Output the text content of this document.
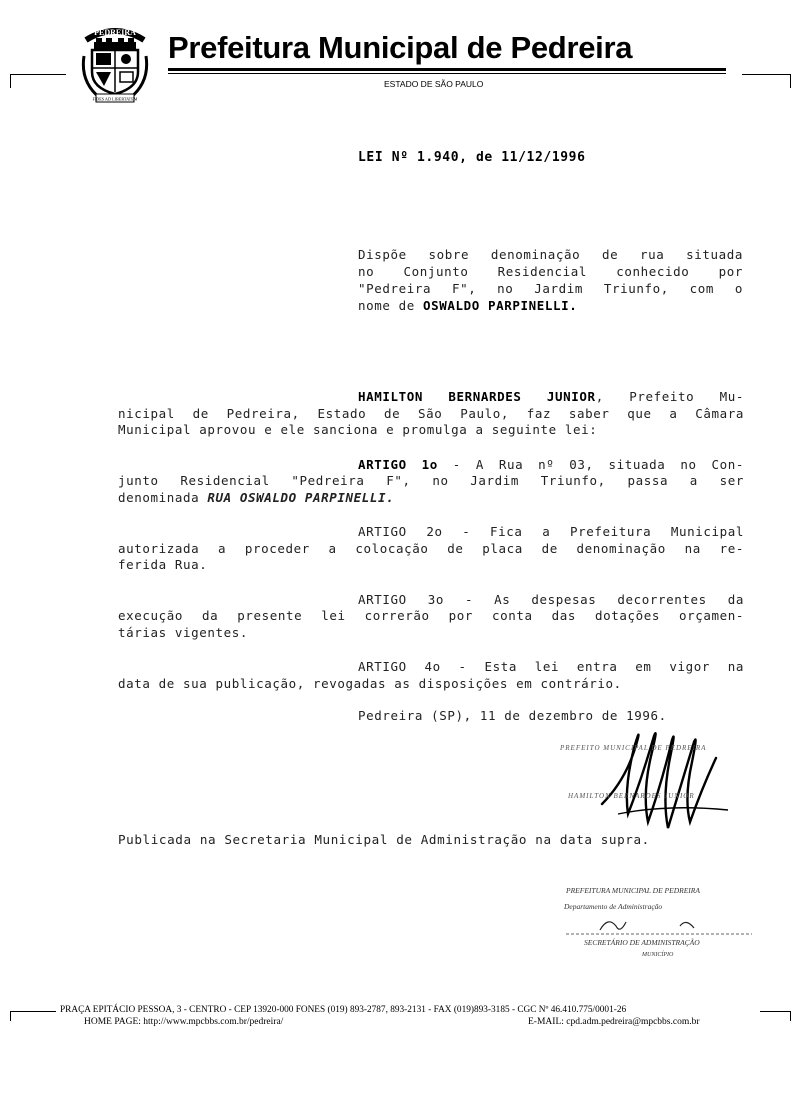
PEDREIRA
FIDES AD LIBERTATEM
Prefeitura Municipal de Pedreira
ESTADO DE SÃO PAULO
LEI Nº 1.940, de 11/12/1996
Dispõe sobre denominação de rua situada
no Conjunto Residencial conhecido por
"Pedreira F", no Jardim Triunfo, com o
nome de OSWALDO PARPINELLI.
HAMILTON BERNARDES JUNIOR, Prefeito Mu-
nicipal de Pedreira, Estado de São Paulo, faz saber que a Câmara
Municipal aprovou e ele sanciona e promulga a seguinte lei:
ARTIGO 1o - A Rua nº 03, situada no Con-
junto Residencial "Pedreira F", no Jardim Triunfo, passa a ser
denominada RUA OSWALDO PARPINELLI.
ARTIGO 2o - Fica a Prefeitura Municipal
autorizada a proceder a colocação de placa de denominação na re-
ferida Rua.
ARTIGO 3o - As despesas decorrentes da
execução da presente lei correrão por conta das dotações orçamen-
tárias vigentes.
ARTIGO 4o - Esta lei entra em vigor na
data de sua publicação, revogadas as disposições em contrário.
Pedreira (SP), 11 de dezembro de 1996.
PREFEITO MUNICIPAL DE PEDREIRA
HAMILTON BERNARDES JUNIOR
Publicada na Secretaria Municipal de Administração na data supra.
PREFEITURA MUNICIPAL DE PEDREIRA
Departamento de Administração
SECRETÁRIO DE ADMINISTRAÇÃO
MUNICÍPIO
PRAÇA EPITÁCIO PESSOA, 3 - CENTRO - CEP 13920-000 FONES (019) 893-2787, 893-2131 - FAX (019)893-3185 - CGC Nº 46.410.775/0001-26
HOME PAGE: http://www.mpcbbs.com.br/pedreira/	E-MAIL: cpd.adm.pedreira@mpcbbs.com.br
